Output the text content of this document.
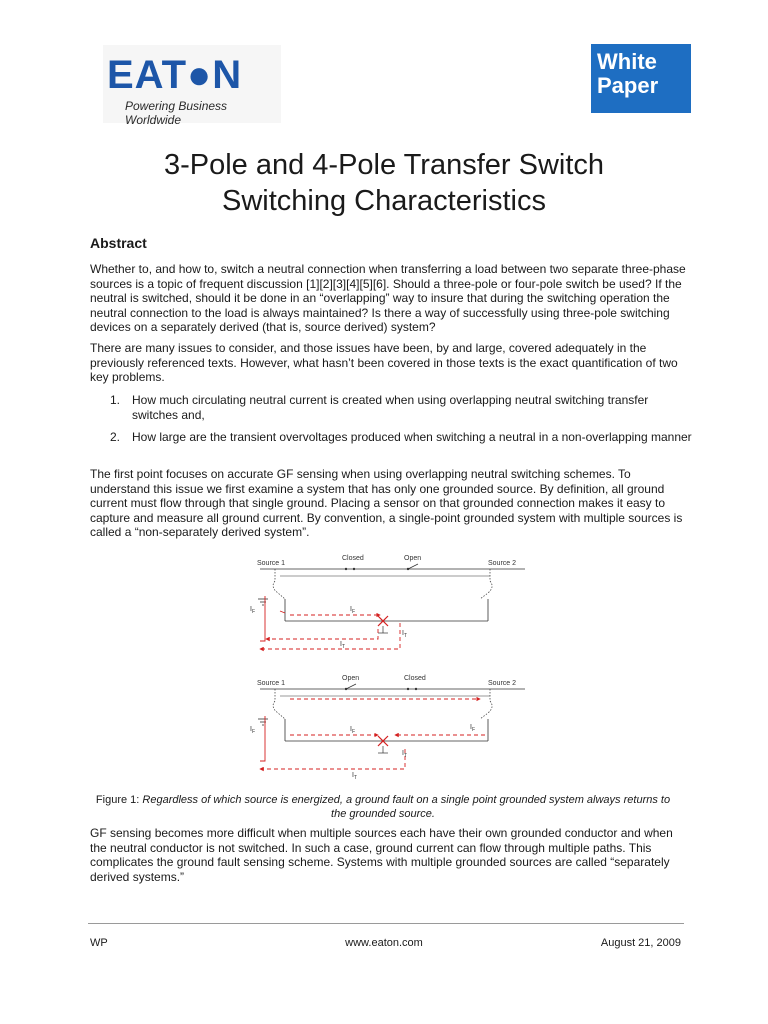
EAT●N
Powering Business Worldwide
White
Paper
3-Pole and 4-Pole Transfer Switch
Switching Characteristics
Abstract
Whether to, and how to, switch a neutral connection when transferring a load between two separate three-phase sources is a topic of frequent discussion [1][2][3][4][5][6]. Should a three-pole or four-pole switch be used? If the neutral is switched, should it be done in an “overlapping” way to insure that during the switching operation the neutral connection to the load is always maintained? Is there a way of successfully using three-pole switching devices on a separately derived (that is, source derived) system?
There are many issues to consider, and those issues have been, by and large, covered adequately in the previously referenced texts. However, what hasn’t been covered in those texts is the exact quantification of two key problems.
1. How much circulating neutral current is created when using overlapping neutral switching transfer switches and,
2. How large are the transient overvoltages produced when switching a neutral in a non-overlapping manner
The first point focuses on accurate GF sensing when using overlapping neutral switching schemes. To understand this issue we first examine a system that has only one grounded source. By definition, all ground current must flow through that single ground. Placing a sensor on that grounded connection makes it easy to capture and measure all ground current. By convention, a single-point grounded system with multiple sources is called a “non-separately derived system”.
Source 1
Closed	Open
Source 2
$I_F$	$I_F$
$I_T$
$I_T$
Source 1
Open	Closed
Source 2
$I_F$	$I_F$
$I_F$
$I_T$
$I_T$
Figure 1: Regardless of which source is energized, a ground fault on a single point grounded system always returns to the grounded source.
GF sensing becomes more difficult when multiple sources each have their own grounded conductor and when the neutral conductor is not switched. In such a case, ground current can flow through multiple paths. This complicates the ground fault sensing scheme. Systems with multiple grounded sources are called “separately derived systems.”
WP	www.eaton.com	August 21, 2009
